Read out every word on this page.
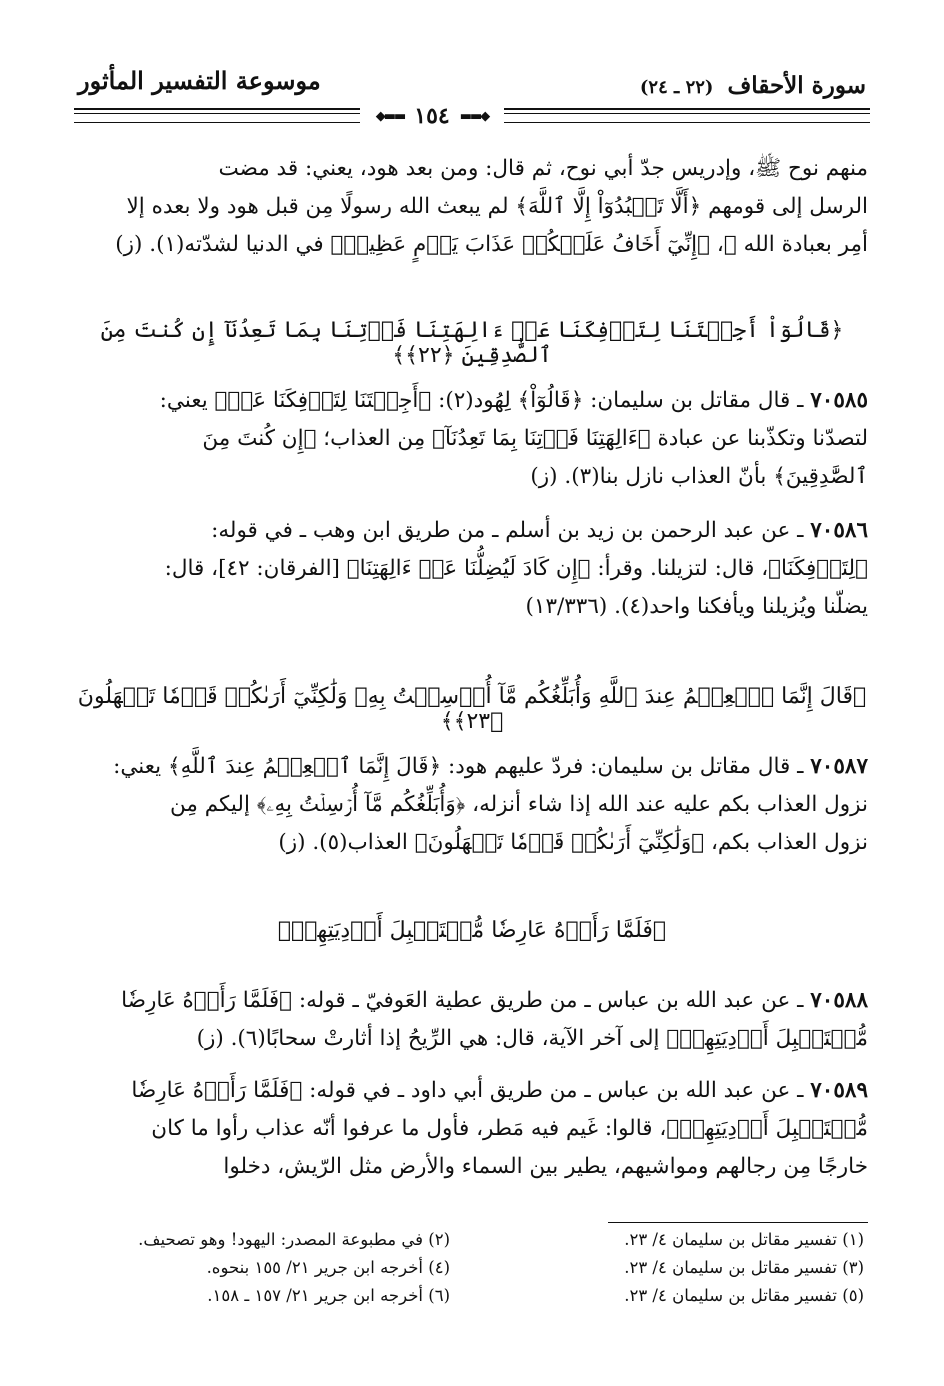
سورة الأحقاف (٢٢ ـ ٢٤)
موسوعة التفسير المأثور
◆▬▬
١٥٤
▬▬◆
منهم نوح ﷺ، وإدريس جدّ أبي نوح، ثم قال: ومن بعد هود، يعني: قد مضت
الرسل إلى قومهم ﴿أَلَّا تَعۡبُدُوٓاْ إِلَّا ٱللَّهَ﴾ لم يبعث الله رسولًا مِن قبل هود ولا بعده إلا
أمِر بعبادة الله ﷻ، ﴿إِنِّيٓ أَخَافُ عَلَيۡكُمۡ عَذَابَ يَوۡمٍ عَظِيمٖ﴾ في الدنيا لشدّته(١). (ز)
﴿قَالُوٓاْ أَجِئۡتَنَا لِتَأۡفِكَنَا عَنۡ ءَالِهَتِنَا فَأۡتِنَا بِمَا تَعِدُنَآ إِن كُنتَ مِنَ ٱلصَّٰدِقِينَ ﴿٢٢﴾﴾
٧٠٥٨٥ ـ قال مقاتل بن سليمان: ﴿قَالُوٓاْ﴾ لِهُود(٢): ﴿أَجِئۡتَنَا لِتَأۡفِكَنَا عَنۡ﴾ يعني:
لتصدّنا وتكذّبنا عن عبادة ﴿ءَالِهَتِنَا فَأۡتِنَا بِمَا تَعِدُنَآ﴾ مِن العذاب؛ ﴿إِن كُنتَ مِنَ
ٱلصَّٰدِقِينَ﴾ بأنّ العذاب نازل بنا(٣). (ز)
٧٠٥٨٦ ـ عن عبد الرحمن بن زيد بن أسلم ـ من طريق ابن وهب ـ في قوله:
﴿لِتَأۡفِكَنَا﴾، قال: لتزيلنا. وقرأ: ﴿إِن كَادَ لَيُضِلُّنَا عَنۡ ءَالِهَتِنَا﴾ [الفرقان: ٤٢]، قال:
يضلّنا ويُزيلنا ويأفكنا واحد(٤). (١٣/٣٣٦)
﴿قَالَ إِنَّمَا ٱلۡعِلۡمُ عِندَ ٱللَّهِ وَأُبَلِّغُكُم مَّآ أُرۡسِلۡتُ بِهِۦ وَلَٰكِنِّيٓ أَرَىٰكُمۡ قَوۡمٗا تَجۡهَلُونَ ﴿٢٣﴾﴾
٧٠٥٨٧ ـ قال مقاتل بن سليمان: فردّ عليهم هود: ﴿قَالَ إِنَّمَا ٱلۡعِلۡمُ عِندَ ٱللَّهِ﴾ يعني:
نزول العذاب بكم عليه عند الله إذا شاء أنزله، ﴿وَأُبَلِّغُكُم مَّآ أُرۡسِلۡتُ بِهِۦ﴾ إليكم مِن
نزول العذاب بكم، ﴿وَلَٰكِنِّيٓ أَرَىٰكُمۡ قَوۡمٗا تَجۡهَلُونَ﴾ العذاب(٥). (ز)
﴿فَلَمَّا رَأَوۡهُ عَارِضٗا مُّسۡتَقۡبِلَ أَوۡدِيَتِهِمۡ﴾
٧٠٥٨٨ ـ عن عبد الله بن عباس ـ من طريق عطية العَوفيّ ـ قوله: ﴿فَلَمَّا رَأَوۡهُ عَارِضٗا
مُّسۡتَقۡبِلَ أَوۡدِيَتِهِمۡ﴾ إلى آخر الآية، قال: هي الرِّيحُ إذا أثارتْ سحابًا(٦). (ز)
٧٠٥٨٩ ـ عن عبد الله بن عباس ـ من طريق أبي داود ـ في قوله: ﴿فَلَمَّا رَأَوۡهُ عَارِضٗا
مُّسۡتَقۡبِلَ أَوۡدِيَتِهِمۡ﴾، قالوا: غَيم فيه مَطر، فأول ما عرفوا أنّه عذاب رأوا ما كان
خارجًا مِن رجالهم ومواشيهم، يطير بين السماء والأرض مثل الرّيش، دخلوا
(١) تفسير مقاتل بن سليمان ٤/ ٢٣.
(٣) تفسير مقاتل بن سليمان ٤/ ٢٣.
(٥) تفسير مقاتل بن سليمان ٤/ ٢٣.
(٢) في مطبوعة المصدر: اليهود! وهو تصحيف.
(٤) أخرجه ابن جرير ٢١/ ١٥٥ بنحوه.
(٦) أخرجه ابن جرير ٢١/ ١٥٧ ـ ١٥٨.
